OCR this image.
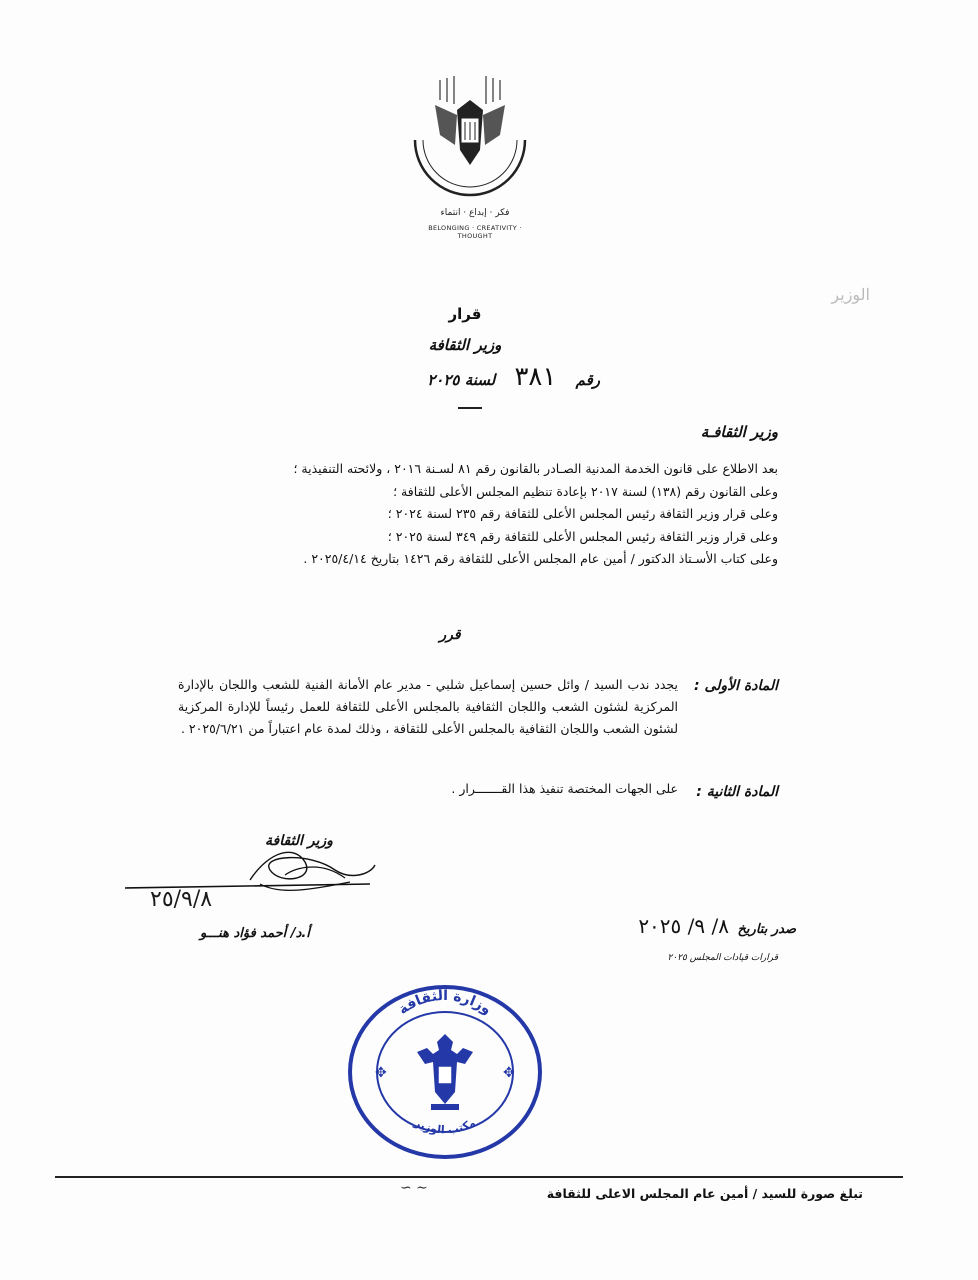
فكر · إبداع · انتماء
BELONGING · CREATIVITY · THOUGHT
الوزير
قرار
وزير الثقافة
رقم ٣٨١ لسنة ٢٠٢٥
وزير الثقافـة

بعد الاطلاع على قانون الخدمة المدنية الصـادر بالقانون رقم ٨١ لسـنة ٢٠١٦ ، ولائحته التنفيذية ؛

وعلى القانون رقم (١٣٨) لسنة ٢٠١٧ بإعادة تنظيم المجلس الأعلى للثقافة ؛

وعلى قرار وزير الثقافة رئيس المجلس الأعلى للثقافة رقم ٢٣٥ لسنة ٢٠٢٤ ؛

وعلى قرار وزير الثقافة رئيس المجلس الأعلى للثقافة رقم ٣٤٩ لسنة ٢٠٢٥ ؛

وعلى كتاب الأسـتاذ الدكتور / أمين عام المجلس الأعلى للثقافة رقم ١٤٢٦ بتاريخ ٢٠٢٥/٤/١٤ .

قرر
المادة الأولى :
يجدد ندب السيد / وائل حسين إسماعيل شلبي - مدير عام الأمانة الفنية للشعب واللجان بالإدارة المركزية لشئون الشعب واللجان الثقافية بالمجلس الأعلى للثقافة للعمل رئيساً للإدارة المركزية لشئون الشعب واللجان الثقافية بالمجلس الأعلى للثقافة ، وذلك لمدة عام اعتباراً من ٢٠٢٥/٦/٢١ .
المادة الثانية :
على الجهات المختصة تنفيذ هذا القـــــــرار .
وزير الثقافة
٢٥/٩/٨
أ.د/ أحمد فؤاد هنـــو	صدر بتاريخ ٨/ ٩/ ٢٠٢٥
قرارات قيادات المجلس ٢٠٢٥
وزارة الثقافة
مكتب الوزير
✥	✥
∽ ∼	تبلغ صورة للسيد / أمين عام المجلس الاعلى للثقافة
